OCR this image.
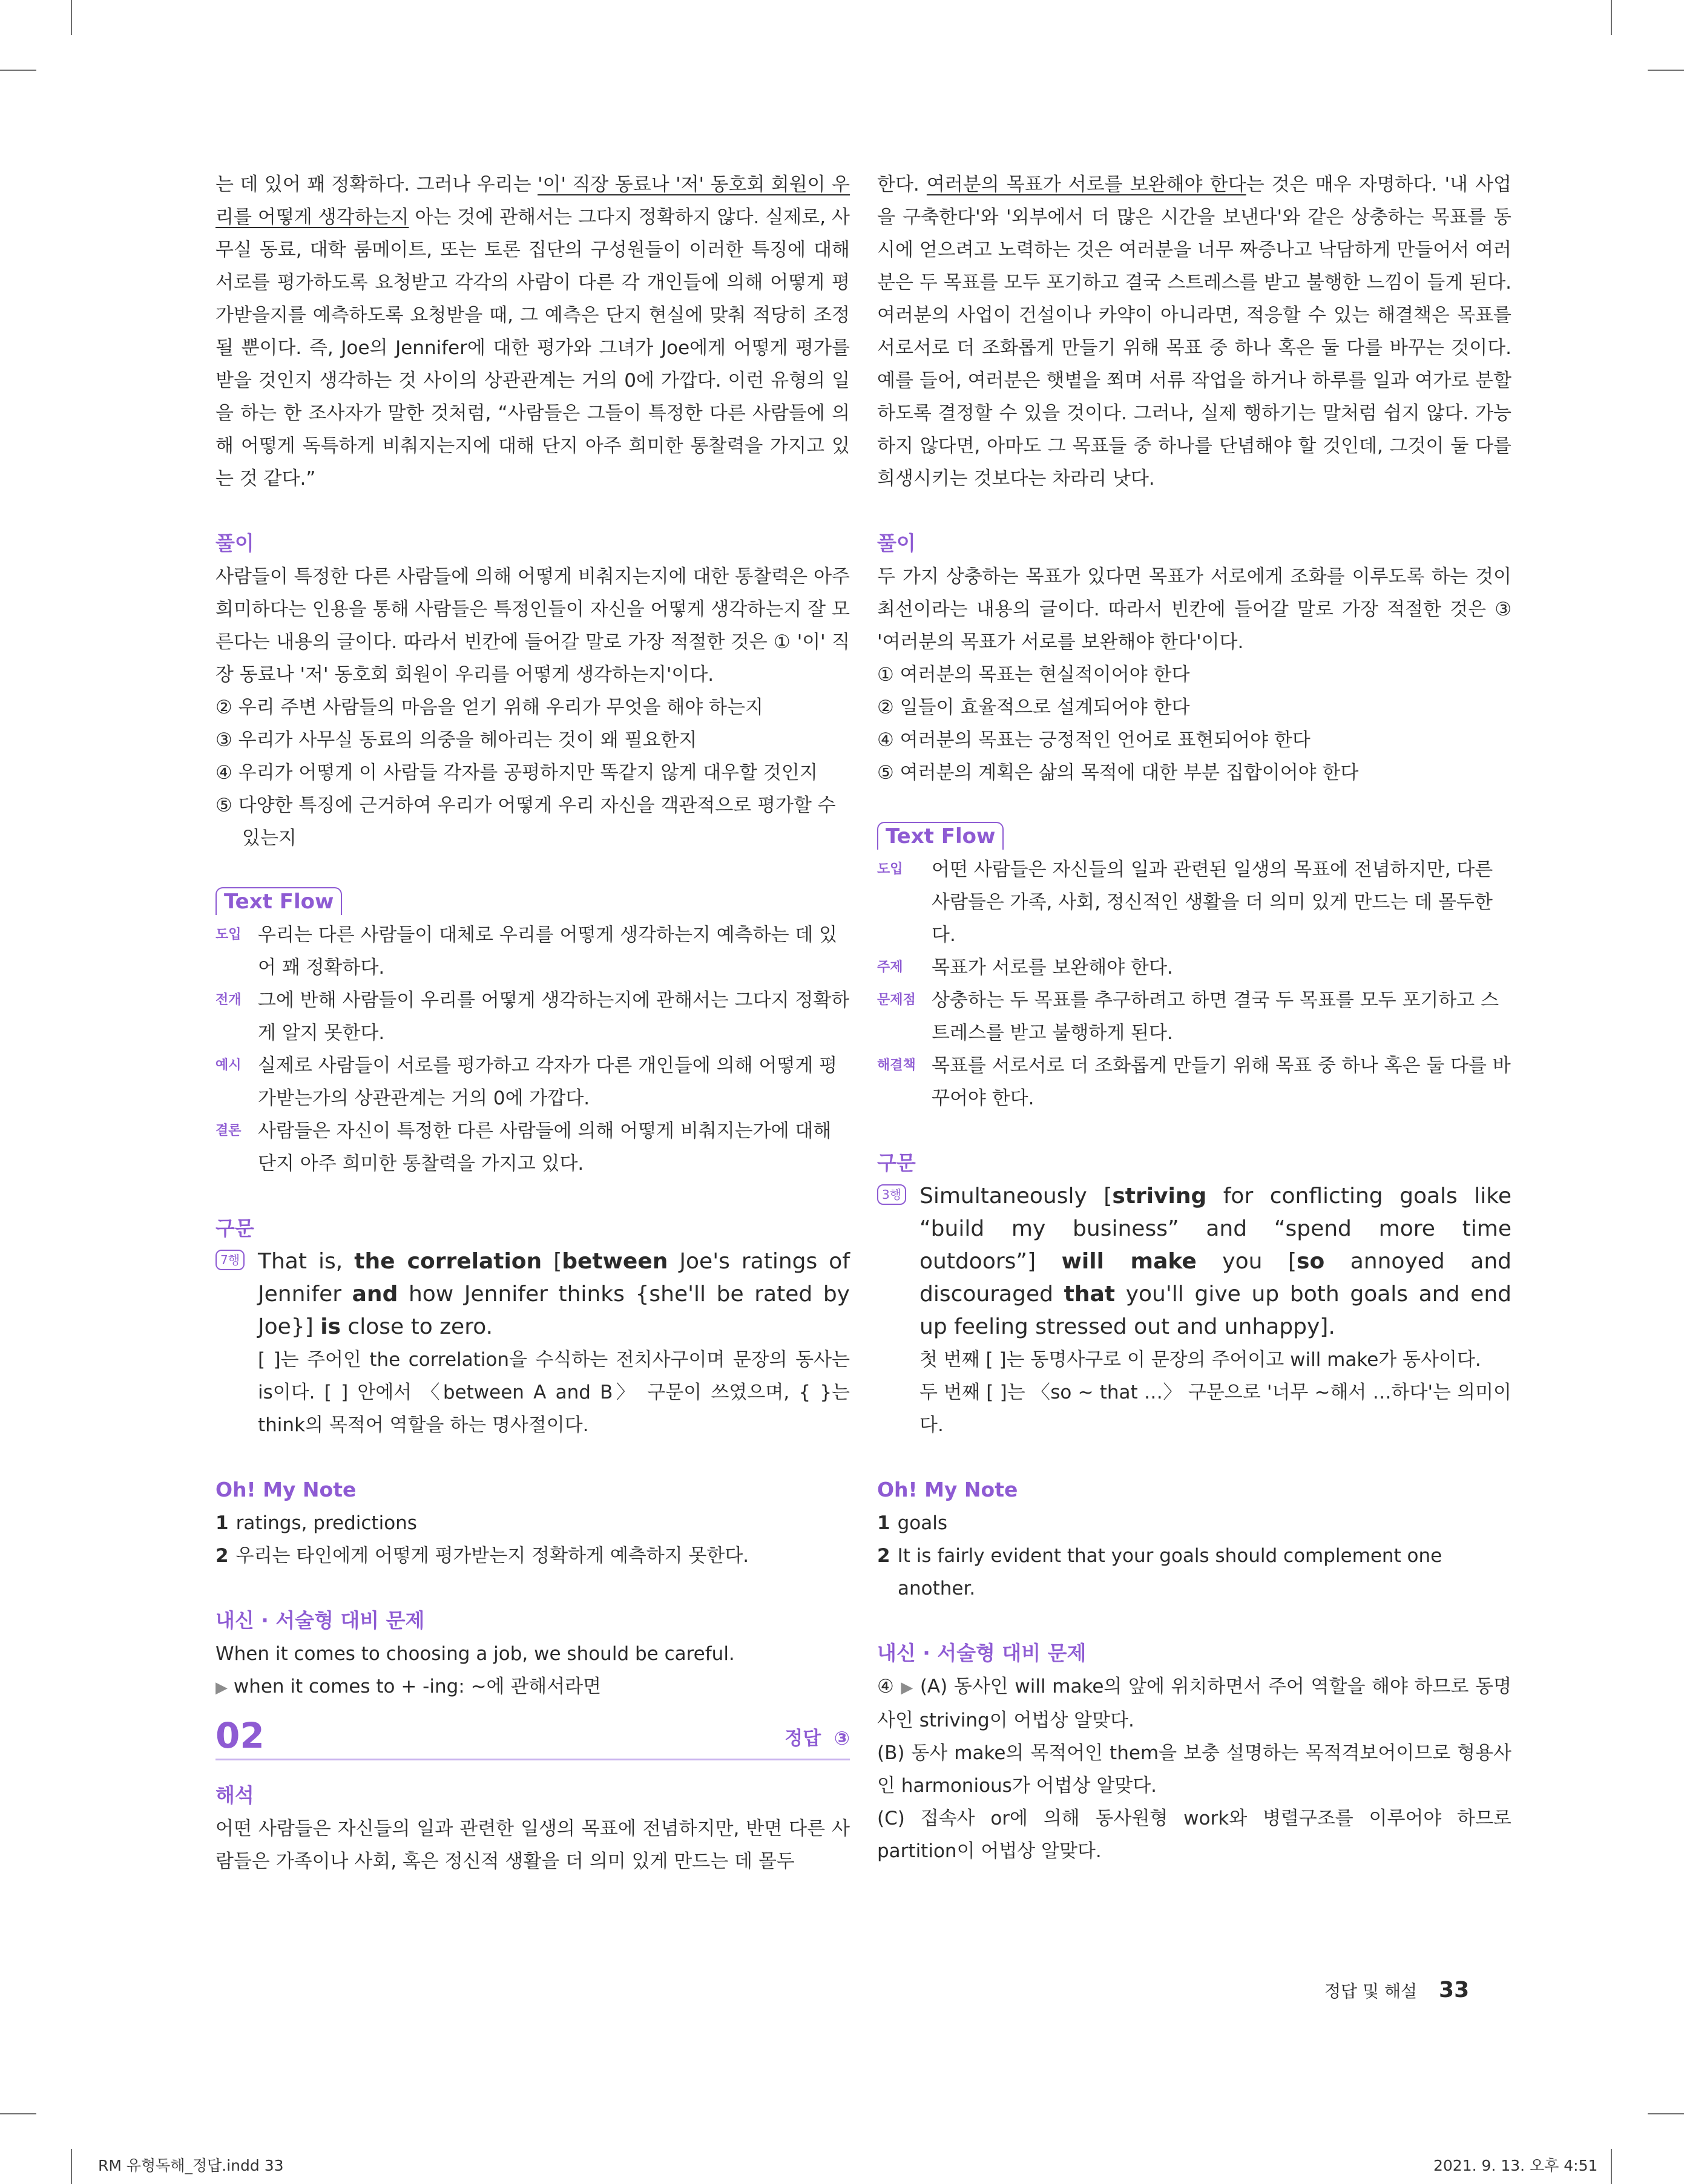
는 데 있어 꽤 정확하다. 그러나 우리는 '이' 직장 동료나 '저' 동호회 회원이 우리를 어떻게 생각하는지 아는 것에 관해서는 그다지 정확하지 않다. 실제로, 사무실 동료, 대학 룸메이트, 또는 토론 집단의 구성원들이 이러한 특징에 대해 서로를 평가하도록 요청받고 각각의 사람이 다른 각 개인들에 의해 어떻게 평가받을지를 예측하도록 요청받을 때, 그 예측은 단지 현실에 맞춰 적당히 조정될 뿐이다. 즉, Joe의 Jennifer에 대한 평가와 그녀가 Joe에게 어떻게 평가를 받을 것인지 생각하는 것 사이의 상관관계는 거의 0에 가깝다. 이런 유형의 일을 하는 한 조사자가 말한 것처럼, “사람들은 그들이 특정한 다른 사람들에 의해 어떻게 독특하게 비춰지는지에 대해 단지 아주 희미한 통찰력을 가지고 있는 것 같다.”

풀이

사람들이 특정한 다른 사람들에 의해 어떻게 비춰지는지에 대한 통찰력은 아주 희미하다는 인용을 통해 사람들은 특정인들이 자신을 어떻게 생각하는지 잘 모른다는 내용의 글이다. 따라서 빈칸에 들어갈 말로 가장 적절한 것은 ① '이' 직장 동료나 '저' 동호회 회원이 우리를 어떻게 생각하는지'이다.

② 우리 주변 사람들의 마음을 얻기 위해 우리가 무엇을 해야 하는지
③ 우리가 사무실 동료의 의중을 헤아리는 것이 왜 필요한지
④ 우리가 어떻게 이 사람들 각자를 공평하지만 똑같지 않게 대우할 것인지
⑤ 다양한 특징에 근거하여 우리가 어떻게 우리 자신을 객관적으로 평가할 수 있는지
Text Flow
도입 우리는 다른 사람들이 대체로 우리를 어떻게 생각하는지 예측하는 데 있어 꽤 정확하다.
전개 그에 반해 사람들이 우리를 어떻게 생각하는지에 관해서는 그다지 정확하게 알지 못한다.
예시 실제로 사람들이 서로를 평가하고 각자가 다른 개인들에 의해 어떻게 평가받는가의 상관관계는 거의 0에 가깝다.
결론 사람들은 자신이 특정한 다른 사람들에 의해 어떻게 비춰지는가에 대해 단지 아주 희미한 통찰력을 가지고 있다.
구문
7행 That is, the correlation [between Joe's ratings of Jennifer and how Jennifer thinks {she'll be rated by Joe}] is close to zero.

[ ]는 주어인 the correlation을 수식하는 전치사구이며 문장의 동사는 is이다. [ ] 안에서 〈between A and B〉 구문이 쓰였으며, { }는 think의 목적어 역할을 하는 명사절이다.

Oh! My Note
1 ratings, predictions
2 우리는 타인에게 어떻게 평가받는지 정확하게 예측하지 못한다.
내신 · 서술형 대비 문제
When it comes to choosing a job, we should be careful.
▶ when it comes to + -ing: ~에 관해서라면
02	정답 ③
해석

어떤 사람들은 자신들의 일과 관련한 일생의 목표에 전념하지만, 반면 다른 사람들은 가족이나 사회, 혹은 정신적 생활을 더 의미 있게 만드는 데 몰두

한다. 여러분의 목표가 서로를 보완해야 한다는 것은 매우 자명하다. '내 사업을 구축한다'와 '외부에서 더 많은 시간을 보낸다'와 같은 상충하는 목표를 동시에 얻으려고 노력하는 것은 여러분을 너무 짜증나고 낙담하게 만들어서 여러분은 두 목표를 모두 포기하고 결국 스트레스를 받고 불행한 느낌이 들게 된다. 여러분의 사업이 건설이나 카약이 아니라면, 적응할 수 있는 해결책은 목표를 서로서로 더 조화롭게 만들기 위해 목표 중 하나 혹은 둘 다를 바꾸는 것이다. 예를 들어, 여러분은 햇볕을 쬐며 서류 작업을 하거나 하루를 일과 여가로 분할하도록 결정할 수 있을 것이다. 그러나, 실제 행하기는 말처럼 쉽지 않다. 가능하지 않다면, 아마도 그 목표들 중 하나를 단념해야 할 것인데, 그것이 둘 다를 희생시키는 것보다는 차라리 낫다.

풀이

두 가지 상충하는 목표가 있다면 목표가 서로에게 조화를 이루도록 하는 것이 최선이라는 내용의 글이다. 따라서 빈칸에 들어갈 말로 가장 적절한 것은 ③ '여러분의 목표가 서로를 보완해야 한다'이다.

① 여러분의 목표는 현실적이어야 한다
② 일들이 효율적으로 설계되어야 한다
④ 여러분의 목표는 긍정적인 언어로 표현되어야 한다
⑤ 여러분의 계획은 삶의 목적에 대한 부분 집합이어야 한다
Text Flow
도입	어떤 사람들은 자신들의 일과 관련된 일생의 목표에 전념하지만, 다른 사람들은 가족, 사회, 정신적인 생활을 더 의미 있게 만드는 데 몰두한다.
주제	목표가 서로를 보완해야 한다.
문제점 상충하는 두 목표를 추구하려고 하면 결국 두 목표를 모두 포기하고 스트레스를 받고 불행하게 된다.
해결책 목표를 서로서로 더 조화롭게 만들기 위해 목표 중 하나 혹은 둘 다를 바꾸어야 한다.
구문
3행 Simultaneously [striving for conflicting goals like “build my business” and “spend more time outdoors”] will make you [so annoyed and discouraged that you'll give up both goals and end up feeling stressed out and unhappy].

첫 번째 [ ]는 동명사구로 이 문장의 주어이고 will make가 동사이다.

두 번째 [ ]는 〈so ~ that …〉 구문으로 '너무 ~해서 …하다'는 의미이다.

Oh! My Note
1 goals
2 It is fairly evident that your goals should complement one another.
내신 · 서술형 대비 문제

④ ▶ (A) 동사인 will make의 앞에 위치하면서 주어 역할을 해야 하므로 동명사인 striving이 어법상 알맞다.

(B) 동사 make의 목적어인 them을 보충 설명하는 목적격보어이므로 형용사인 harmonious가 어법상 알맞다.

(C) 접속사 or에 의해 동사원형 work와 병렬구조를 이루어야 하므로 partition이 어법상 알맞다.

정답 및 해설 33
RM 유형독해_정답.indd 33	2021. 9. 13. 오후 4:51
